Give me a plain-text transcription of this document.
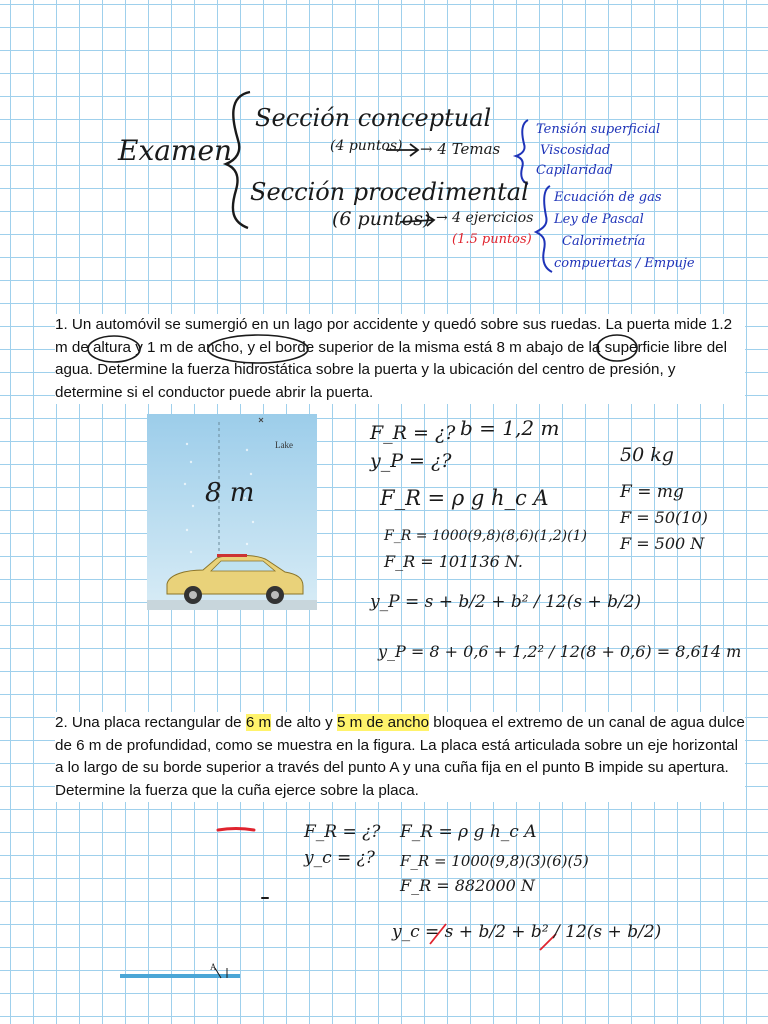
Examen
Sección conceptual
(4 puntos) → 4 Temas
Sección procedimental
(6 puntos) → 4 ejercicios
(1.5 puntos)
Tensión superficial
Viscosidad
Capilaridad
Ecuación de gas
Ley de Pascal
Calorimetría
compuertas / Empuje
1. Un automóvil se sumergió en un lago por accidente y quedó sobre sus ruedas. La puerta mide 1.2 m de altura y 1 m de ancho, y el borde superior de la misma está 8 m abajo de la superficie libre del agua. Determine la fuerza hidrostática sobre la puerta y la ubicación del centro de presión, y determine si el conductor puede abrir la puerta.
Lake
8 m
F_R = ¿? b = 1,2 m
y_P = ¿?
F_R = ρ g h_c A
F_R = 1000(9,8)(8,6)(1,2)(1)
F_R = 101136 N.
y_P = s + b/2 + b² / 12(s + b/2)
y_P = 8 + 0,6 + 1,2² / 12(8 + 0,6) = 8,614 m
50 kg
F = mg
F = 50(10)
F = 500 N
2. Una placa rectangular de 6 m de alto y 5 m de ancho bloquea el extremo de un canal de agua dulce de 6 m de profundidad, como se muestra en la figura. La placa está articulada sobre un eje horizontal a lo largo de su borde superior a través del punto A y una cuña fija en el punto B impide su apertura. Determine la fuerza que la cuña ejerce sobre la placa.
F_R = ¿?
y_c = ¿?
F_R = ρ g h_c A
F_R = 1000(9,8)(3)(6)(5)
F_R = 882000 N
y_c = s + b/2 + b² / 12(s + b/2)
A
